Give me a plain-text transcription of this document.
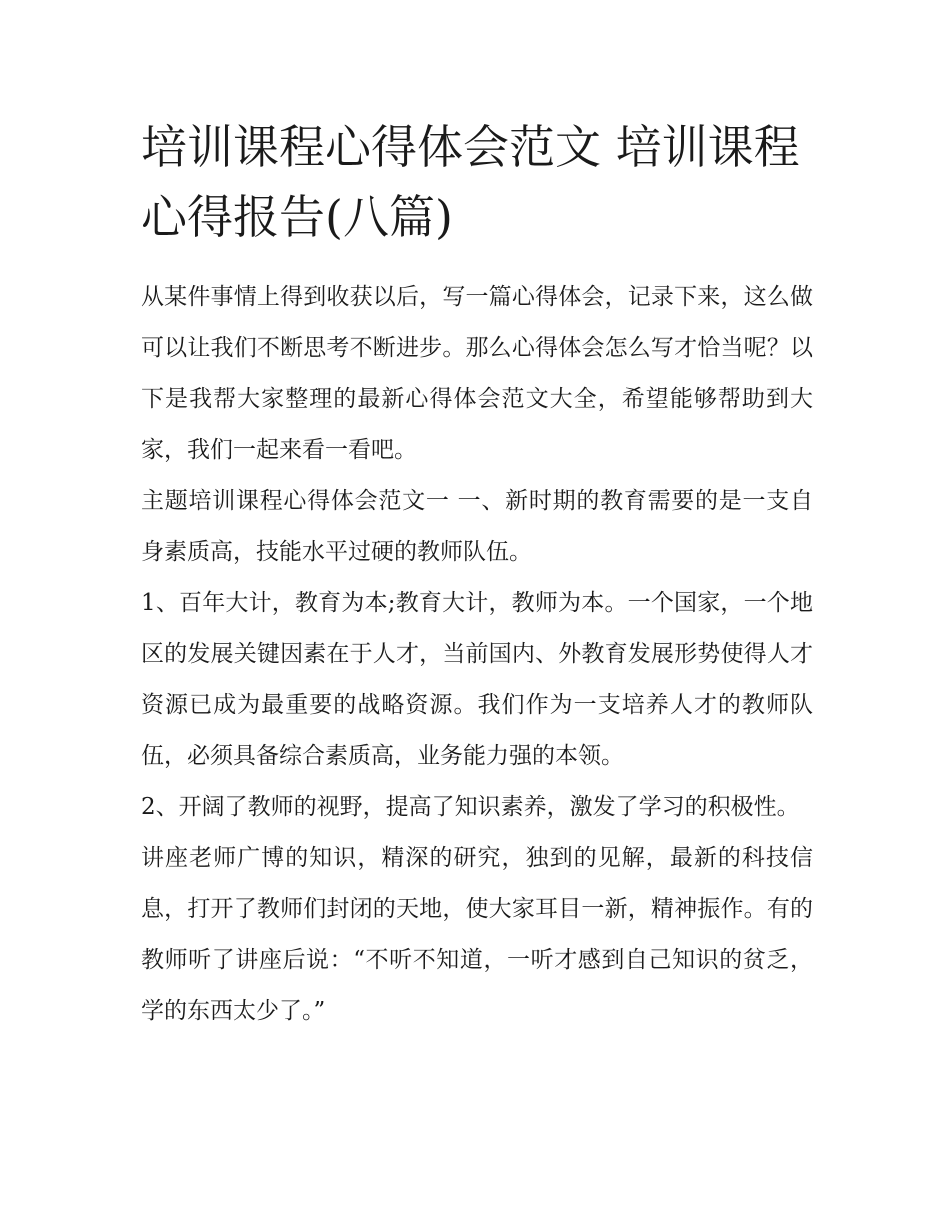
培训课程心得体会范文 培训课程心得报告(八篇)

从某件事情上得到收获以后，写一篇心得体会，记录下来，这么做可以让我们不断思考不断进步。那么心得体会怎么写才恰当呢？以下是我帮大家整理的最新心得体会范文大全，希望能够帮助到大家，我们一起来看一看吧。

主题培训课程心得体会范文一 一、新时期的教育需要的是一支自身素质高，技能水平过硬的教师队伍。

1、百年大计，教育为本;教育大计，教师为本。一个国家，一个地区的发展关键因素在于人才，当前国内、外教育发展形势使得人才资源已成为最重要的战略资源。我们作为一支培养人才的教师队伍，必须具备综合素质高，业务能力强的本领。

2、开阔了教师的视野，提高了知识素养，激发了学习的积极性。

讲座老师广博的知识，精深的研究，独到的见解，最新的科技信息，打开了教师们封闭的天地，使大家耳目一新，精神振作。有的教师听了讲座后说：“不听不知道，一听才感到自己知识的贫乏，学的东西太少了。”
